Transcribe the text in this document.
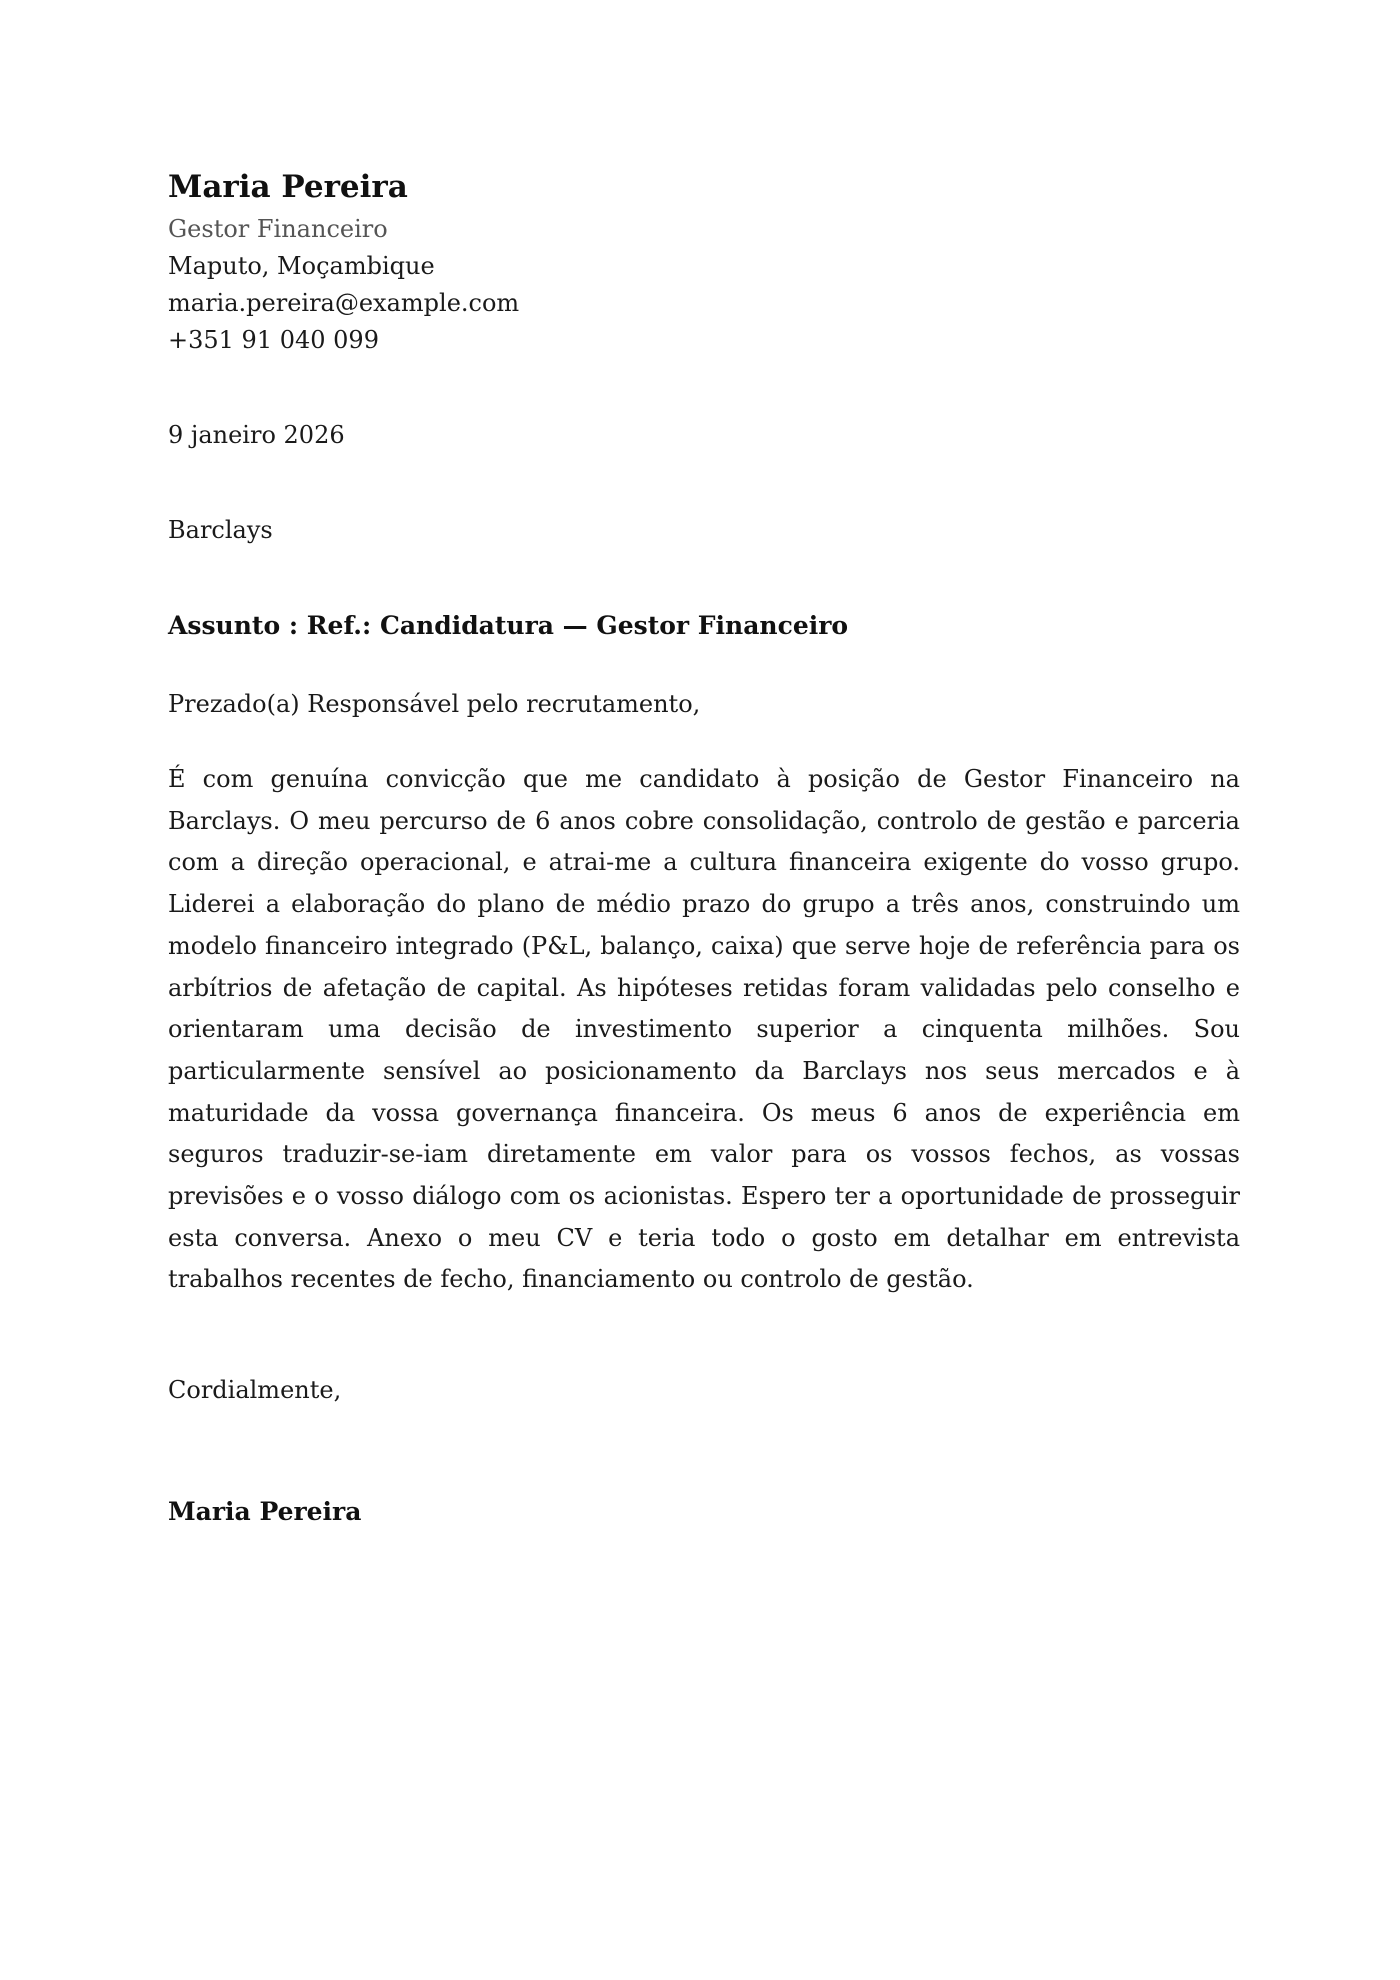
Maria Pereira
Gestor Financeiro
Maputo, Moçambique
maria.pereira@example.com
+351 91 040 099
9 janeiro 2026
Barclays
Assunto : Ref.: Candidatura — Gestor Financeiro
Prezado(a) Responsável pelo recrutamento,
É com genuína convicção que me candidato à posição de Gestor Financeiro na Barclays. O meu percurso de 6 anos cobre consolidação, controlo de gestão e parceria com a direção operacional, e atrai-me a cultura financeira exigente do vosso grupo. Liderei a elaboração do plano de médio prazo do grupo a três anos, construindo um modelo financeiro integrado (P&L, balanço, caixa) que serve hoje de referência para os arbítrios de afetação de capital. As hipóteses retidas foram validadas pelo conselho e orientaram uma decisão de investimento superior a cinquenta milhões. Sou particularmente sensível ao posicionamento da Barclays nos seus mercados e à maturidade da vossa governança financeira. Os meus 6 anos de experiência em seguros traduzir-se-iam diretamente em valor para os vossos fechos, as vossas previsões e o vosso diálogo com os acionistas. Espero ter a oportunidade de prosseguir esta conversa. Anexo o meu CV e teria todo o gosto em detalhar em entrevista trabalhos recentes de fecho, financiamento ou controlo de gestão.
Cordialmente,
Maria Pereira
